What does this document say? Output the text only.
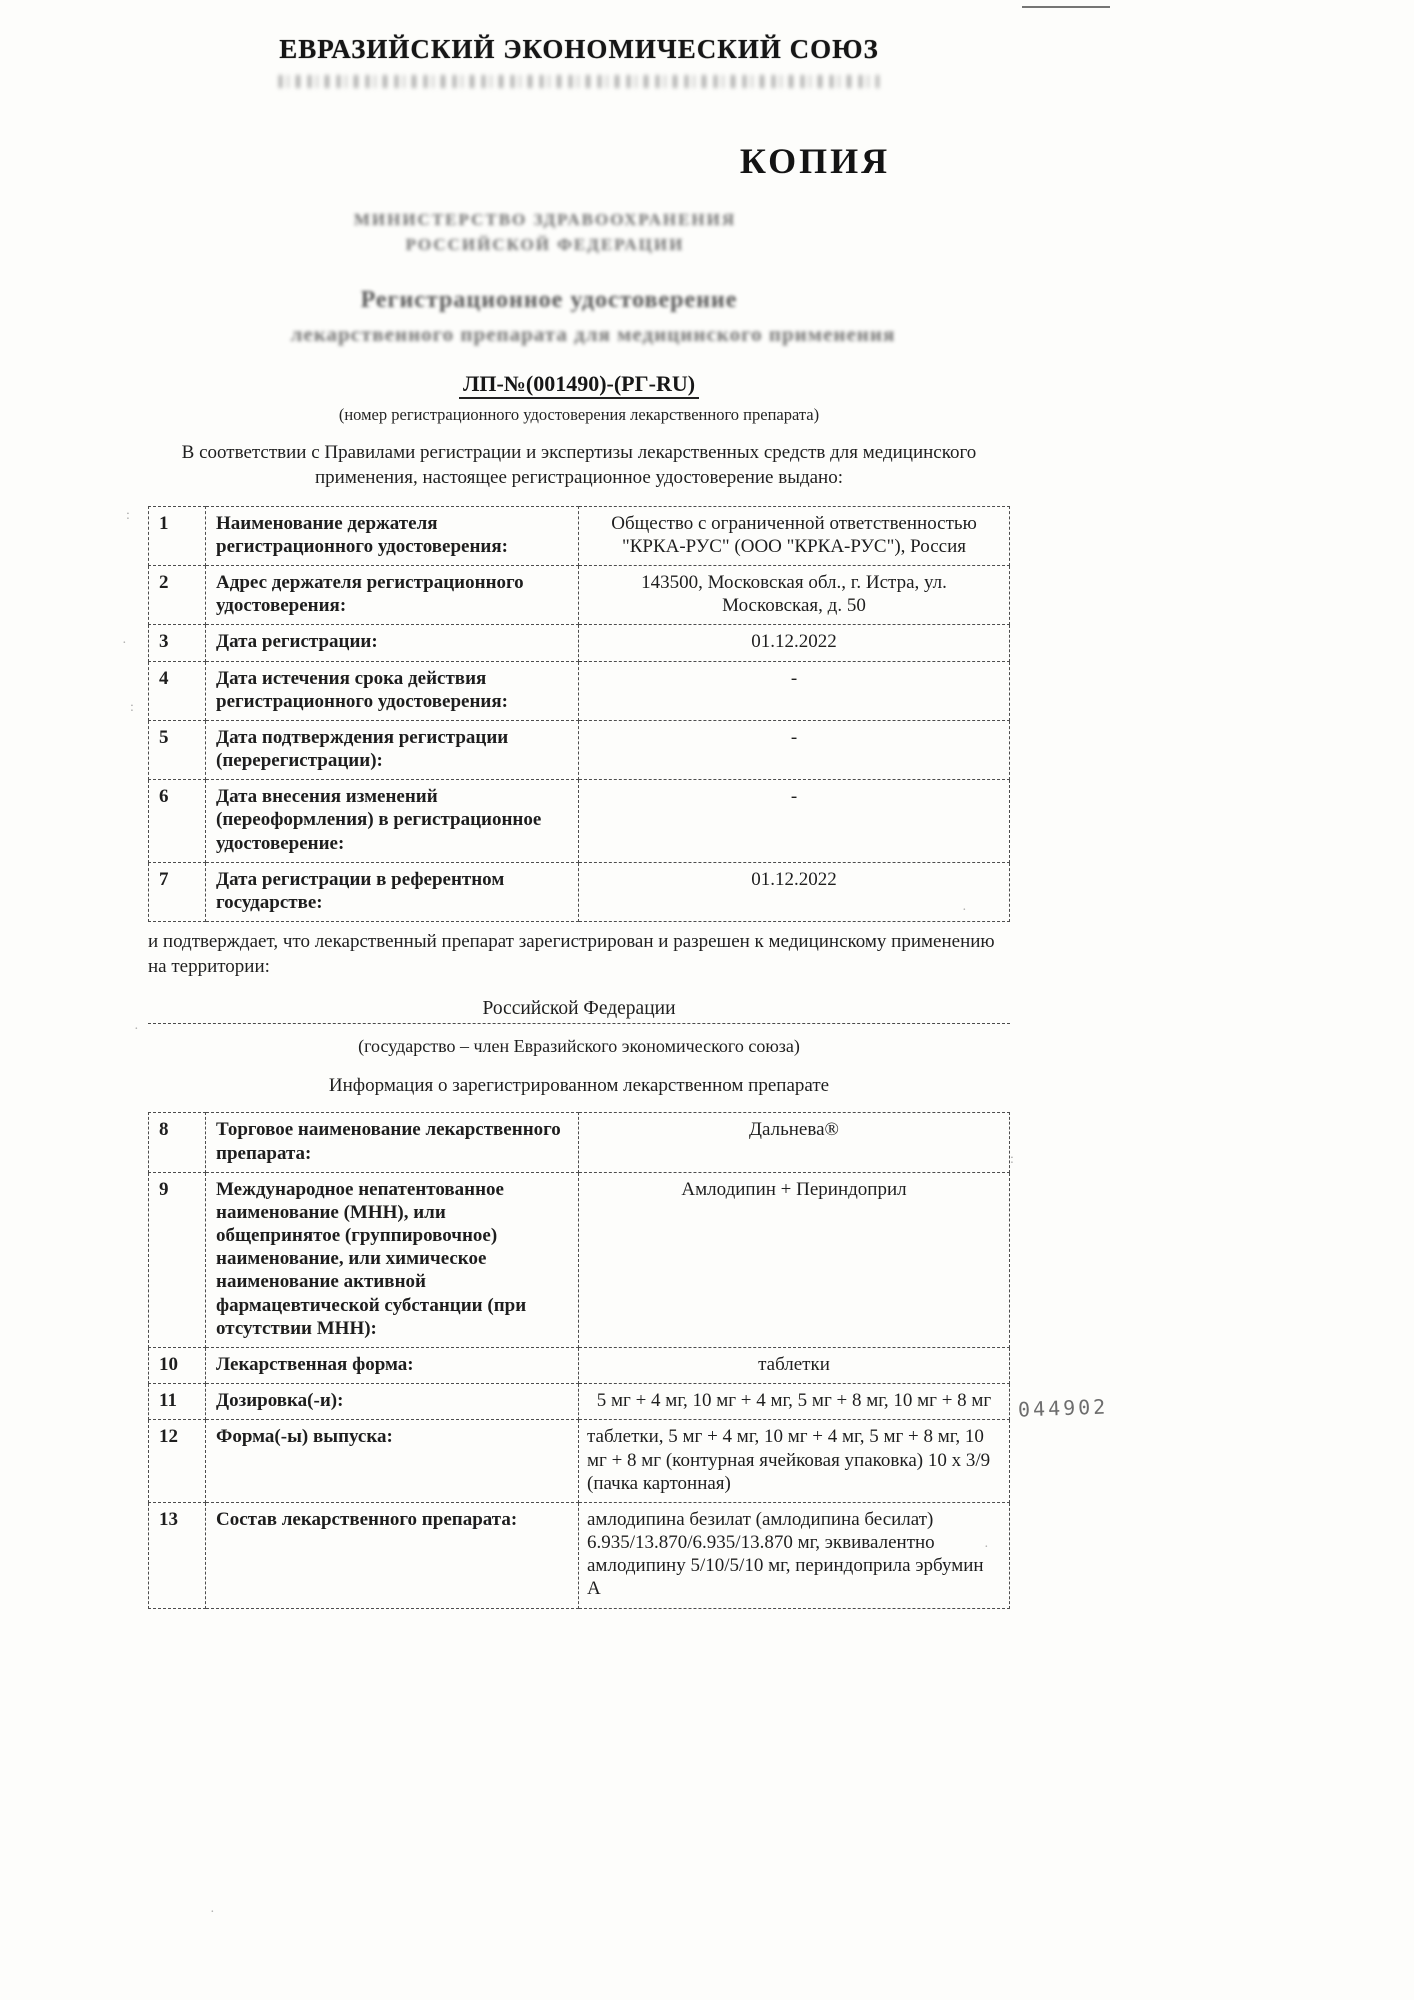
ЕВРАЗИЙСКИЙ ЭКОНОМИЧЕСКИЙ СОЮЗ
КОПИЯ
МИНИСТЕРСТВО ЗДРАВООХРАНЕНИЯ
РОССИЙСКОЙ ФЕДЕРАЦИИ
Регистрационное удостоверение
лекарственного препарата для медицинского применения
ЛП-№(001490)-(РГ-RU)
(номер регистрационного удостоверения лекарственного препарата)

В соответствии с Правилами регистрации и экспертизы лекарственных средств для медицинского применения, настоящее регистрационное удостоверение выдано:

1	Наименование держателя регистрационного удостоверения:	Общество с ограниченной ответственностью "КРКА-РУС" (ООО "КРКА-РУС"), Россия
2	Адрес держателя регистрационного удостоверения:	143500, Московская обл., г. Истра, ул. Московская, д. 50
3	Дата регистрации:	01.12.2022
4	Дата истечения срока действия регистрационного удостоверения:	-
5	Дата подтверждения регистрации (перерегистрации):	-
6	Дата внесения изменений (переоформления) в регистрационное удостоверение:	-
7	Дата регистрации в референтном государстве:	01.12.2022

и подтверждает, что лекарственный препарат зарегистрирован и разрешен к медицинскому применению на территории:

Российской Федерации
(государство – член Евразийского экономического союза)
Информация о зарегистрированном лекарственном препарате
8	Торговое наименование лекарственного препарата:	Дальнева®
9	Международное непатентованное наименование (МНН), или общепринятое (группировочное) наименование, или химическое наименование активной фармацевтической субстанции (при отсутствии МНН):	Амлодипин + Периндоприл
10	Лекарственная форма:	таблетки
11	Дозировка(-и):	5 мг + 4 мг, 10 мг + 4 мг, 5 мг + 8 мг, 10 мг + 8 мг
12	Форма(-ы) выпуска:	таблетки, 5 мг + 4 мг, 10 мг + 4 мг, 5 мг + 8 мг, 10 мг + 8 мг (контурная ячейковая упаковка) 10 х 3/9 (пачка картонная)
13	Состав лекарственного препарата:	амлодипина безилат (амлодипина бесилат) 6.935/13.870/6.935/13.870 мг, эквивалентно амлодипину 5/10/5/10 мг, периндоприла эрбумин А
044902
:
·
:
·
:
·
·
·
